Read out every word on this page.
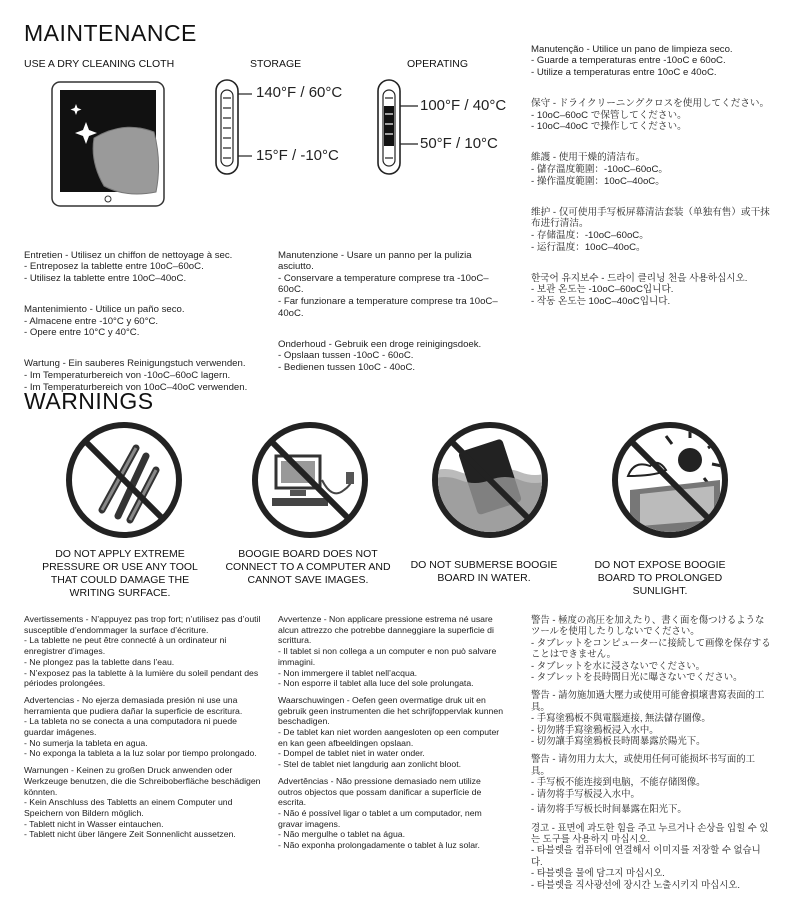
MAINTENANCE
USE A DRY CLEANING CLOTH	STORAGE	OPERATING
140°F / 60°C
15°F / -10°C
100°F / 40°C
50°F / 10°C

Entretien - Utilisez un chiffon de nettoyage à sec.
- Entreposez la tablette entre 10oC–60oC.
- Utilisez la tablette entre 10oC–40oC.

Mantenimiento - Utilice un paño seco.
- Almacene entre -10°C y 60°C.
- Opere entre 10°C y 40°C.

Wartung - Ein sauberes Reinigungstuch verwenden.
- Im Temperaturbereich von -10oC–60oC lagern.
- Im Temperaturbereich von 10oC–40oC verwenden.

Manutenzione - Usare un panno per la pulizia asciutto.
- Conservare a temperature comprese tra -10oC–60oC.
- Far funzionare a temperature comprese tra 10oC–40oC.

Onderhoud - Gebruik een droge reinigingsdoek.
- Opslaan tussen -10oC - 60oC.
- Bedienen tussen 10oC - 40oC.

Manutenção - Utilice un pano de limpieza seco.
- Guarde a temperaturas entre -10oC e 60oC.
- Utilize a temperaturas entre 10oC e 40oC.

保守 - ドライクリーニングクロスを使用してください。
- 10oC–60oC で保管してください。
- 10oC–40oC で操作してください。

維護 - 使用干燥的清洁布。
- 儲存溫度範圍：-10oC–60oC。
- 操作溫度範圍：10oC–40oC。

维护 - 仅可使用手写板屏幕清洁套装（单独有售）或干抹布进行清洁。
- 存储温度：-10oC–60oC。
- 运行温度：10oC–40oC。

한국어 유지보수 - 드라이 클리닝 천을 사용하십시오.
- 보관 온도는 -10oC–60oC입니다.
- 작동 온도는 10oC–40oC입니다.

WARNINGS
DO NOT APPLY EXTREME PRESSURE OR USE ANY TOOL THAT COULD DAMAGE THE WRITING SURFACE.
BOOGIE BOARD DOES NOT CONNECT TO A COMPUTER AND CANNOT SAVE IMAGES.
DO NOT SUBMERSE BOOGIE BOARD IN WATER.
DO NOT EXPOSE BOOGIE BOARD TO PROLONGED SUNLIGHT.

Avertissements - N’appuyez pas trop fort; n’utilisez pas d’outil susceptible d’endommager la surface d’écriture.
- La tablette ne peut être connecté à un ordinateur ni enregistrer d’images.
- Ne plongez pas la tablette dans l’eau.
- N’exposez pas la tablette à la lumière du soleil pendant des périodes prolongées.

Advertencias - No ejerza demasiada presión ni use una herramienta que pudiera dañar la superficie de escritura.
- La tableta no se conecta a una computadora ni puede guardar imágenes.
- No sumerja la tableta en agua.
- No exponga la tableta a la luz solar por tiempo prolongado.

Warnungen - Keinen zu großen Druck anwenden oder Werkzeuge benutzen, die die Schreiboberfläche beschädigen könnten.
- Kein Anschluss des Tabletts an einem Computer und Speichern von Bildern möglich.
- Tablett nicht in Wasser eintauchen.
- Tablett nicht über längere Zeit Sonnenlicht aussetzen.

Avvertenze - Non applicare pressione estrema né usare alcun attrezzo che potrebbe danneggiare la superficie di scrittura.
- Il tablet si non collega a un computer e non può salvare immagini.
- Non immergere il tablet nell’acqua.
- Non esporre il tablet alla luce del sole prolungata.

Waarschuwingen - Oefen geen overmatige druk uit en gebruik geen instrumenten die het schrijfoppervlak kunnen beschadigen.
- De tablet kan niet worden aangesloten op een computer en kan geen afbeeldingen opslaan.
- Dompel de tablet niet in water onder.
- Stel de tablet niet langdurig aan zonlicht bloot.

Advertências - Não pressione demasiado nem utilize outros objectos que possam danificar a superfície de escrita.
- Não é possível ligar o tablet a um computador, nem gravar imagens.
- Não mergulhe o tablet na água.
- Não exponha prolongadamente o tablet à luz solar.

警告 - 極度の高圧を加えたり、書く面を傷つけるようなツールを使用したりしないでください。
- タブレットをコンピューターに接続して画像を保存することはできません。
- タブレットを水に浸さないでください。
- タブレットを長時間日光に曝さないでください。

警告 - 請勿施加過大壓力或使用可能會損壞書寫表面的工具。
- 手寫塗鴉板不與電腦連接, 無法儲存圖像。
- 切勿將手寫塗鴉板浸入水中。
- 切勿讓手寫塗鴉板長時間暴露於陽光下。

警告 - 请勿用力太大，或使用任何可能损坏书写面的工具。
- 手写板不能连接到电脑，不能存储图像。
- 请勿将手写板浸入水中。

- 请勿将手写板长时间暴露在阳光下。

경고 - 표면에 과도한 힘을 주고 누르거나 손상을 입힐 수 있는 도구를 사용하지 마십시오.
- 타블렛을 컴퓨터에 연결해서 이미지를 저장할 수 없습니다.
- 타블렛을 물에 담그지 마십시오.
- 타블렛을 직사광선에 장시간 노출시키지 마십시오.
